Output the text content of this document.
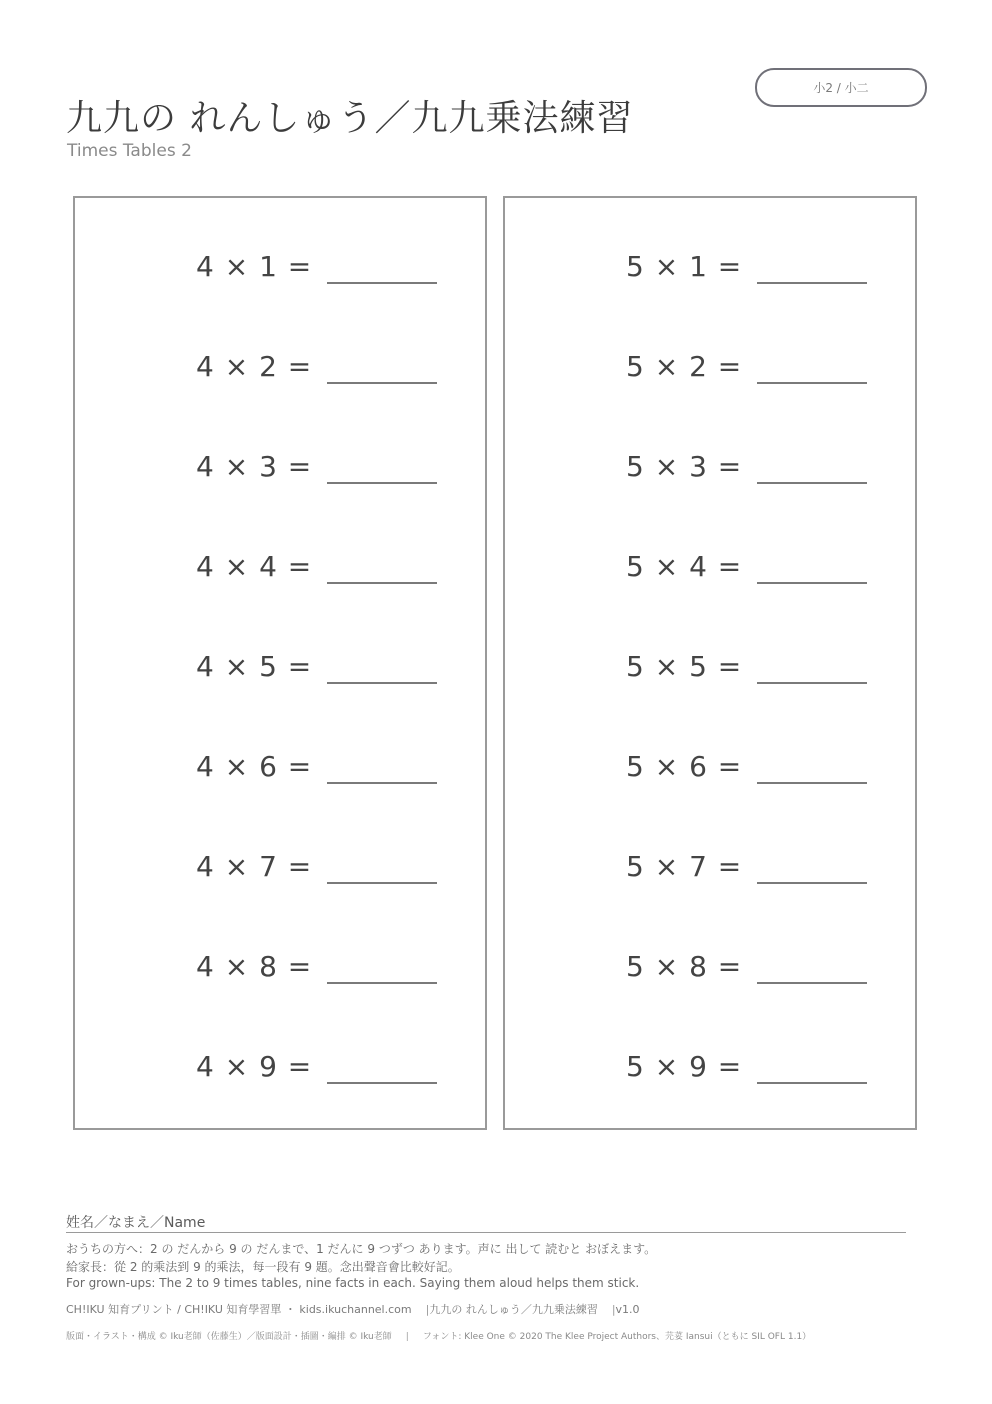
九九の れんしゅう／九九乗法練習
Times Tables 2
小2 / 小二
4 × 1 =
4 × 2 =
4 × 3 =
4 × 4 =
4 × 5 =
4 × 6 =
4 × 7 =
4 × 8 =
4 × 9 =
5 × 1 =
5 × 2 =
5 × 3 =
5 × 4 =
5 × 5 =
5 × 6 =
5 × 7 =
5 × 8 =
5 × 9 =
姓名／なまえ／Name
おうちの方へ：2 の だんから 9 の だんまで、1 だんに 9 つずつ あります。声に 出して 読むと おぼえます。
給家長：從 2 的乘法到 9 的乘法，每一段有 9 題。念出聲音會比較好記。
For grown-ups: The 2 to 9 times tables, nine facts in each. Saying them aloud helps them stick.
CH!IKU 知育プリント / CH!IKU 知育學習單 ・ kids.ikuchannel.com |九九の れんしゅう／九九乗法練習 |v1.0
版面・イラスト・構成 © Iku老師（佐藤生）／版面設計・插圖・編排 © Iku老師 | フォント: Klee One © 2020 The Klee Project Authors、芫荽 Iansui（ともに SIL OFL 1.1）
